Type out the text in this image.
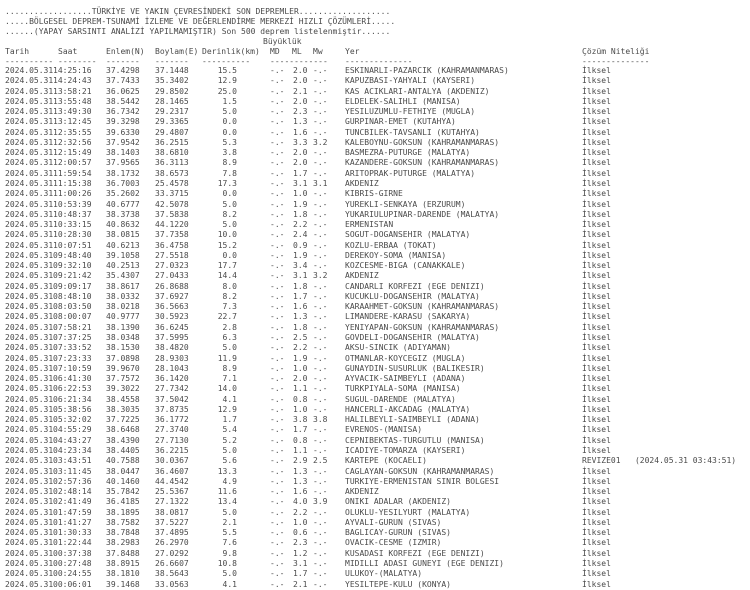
..................TÜRKİYE VE YAKIN ÇEVRESİNDEKİ SON DEPREMLER...................
.....BÖLGESEL DEPREM-TSUNAMİ İZLEME VE DEĞERLENDİRME MERKEZİ HIZLI ÇÖZÜMLERİ.....
......(YAPAY SARSINTI ANALİZİ YAPILMAMIŞTIR) Son 500 deprem listelenmiştir......
Büyüklük
Tarih	Saat	Enlem(N) Boylam(E) Derinlik(km) MD ML Mw	Yer	Çözüm Niteliği
---------- -------- ------- ------- ---------- ------------ --------------	--------------
2024.05.31 14:25:16 37.4298 37.1448	15.5	-.- 2.0 -.- ESKINARLI-PAZARCIK (KAHRAMANMARAS)	İlksel
2024.05.31 14:24:43 37.7433 35.3402	12.9	-.- 2.0 -.- KAPUZBASI-YAHYALI (KAYSERI)	İlksel
2024.05.31 13:58:21 36.0625 29.8502	25.0	-.- 2.1 -.- KAS ACIKLARI-ANTALYA (AKDENIZ)	İlksel
2024.05.31 13:55:48 38.5442 28.1465	1.5	-.- 2.0 -.- ELDELEK-SALIHLI (MANISA)	İlksel
2024.05.31 13:49:30 36.7342 29.2317	5.0	-.- 2.3 -.- YESILUZUMLU-FETHIYE (MUGLA)	İlksel
2024.05.31 13:12:45 39.3298 29.3365	0.0	-.- 1.3 -.- GURPINAR-EMET (KUTAHYA)	İlksel
2024.05.31 12:35:55 39.6330 29.4807	0.0	-.- 1.6 -.- TUNCBILEK-TAVSANLI (KUTAHYA)	İlksel
2024.05.31 12:32:56 37.9542 36.2515	5.3	-.- 3.3 3.2 KALEBOYNU-GOKSUN (KAHRAMANMARAS)	İlksel
2024.05.31 12:15:49 38.1403 38.6810	3.8	-.- 2.0 -.- BASMEZRA-PUTURGE (MALATYA)	İlksel
2024.05.31 12:00:57 37.9565 36.3113	8.9	-.- 2.0 -.- KAZANDERE-GOKSUN (KAHRAMANMARAS)	İlksel
2024.05.31 11:59:54 38.1732 38.6573	7.8	-.- 1.7 -.- ARITOPRAK-PUTURGE (MALATYA)	İlksel
2024.05.31 11:15:38 36.7003 25.4578	17.3	-.- 3.1 3.1 AKDENIZ	İlksel
2024.05.31 11:00:26 35.2602 33.3715	0.0	-.- 1.0 -.- KIBRIS-GIRNE	İlksel
2024.05.31 10:53:39 40.6777 42.5078	5.0	-.- 1.9 -.- YUREKLI-SENKAYA (ERZURUM)	İlksel
2024.05.31 10:48:37 38.3738 37.5838	8.2	-.- 1.8 -.- YUKARIULUPINAR-DARENDE (MALATYA)	İlksel
2024.05.31 10:33:15 40.8632 44.1220	5.0	-.- 2.2 -.- ERMENISTAN	İlksel
2024.05.31 10:28:30 38.0815 37.7358	10.0	-.- 2.4 -.- SOGUT-DOGANSEHIR (MALATYA)	İlksel
2024.05.31 10:07:51 40.6213 36.4758	15.2	-.- 0.9 -.- KOZLU-ERBAA (TOKAT)	İlksel
2024.05.31 09:48:40 39.1058 27.5518	0.0	-.- 1.9 -.- DEREKOY-SOMA (MANISA)	İlksel
2024.05.31 09:32:10 40.2513 27.0323	17.7	-.- 3.4 -.- KOZCESME-BIGA (CANAKKALE)	İlksel
2024.05.31 09:21:42 35.4307 27.0433	14.4	-.- 3.1 3.2 AKDENIZ	İlksel
2024.05.31 09:09:17 38.8617 26.8688	8.0	-.- 1.8 -.- CANDARLI KORFEZI (EGE DENIZI)	İlksel
2024.05.31 08:48:10 38.0332 37.6927	8.2	-.- 1.7 -.- KUCUKLU-DOGANSEHIR (MALATYA)	İlksel
2024.05.31 08:03:50 38.0218 36.5663	7.3	-.- 1.6 -.- KARAAHMET-GOKSUN (KAHRAMANMARAS)	İlksel
2024.05.31 08:00:07 40.9777 30.5923	22.7	-.- 1.3 -.- LIMANDERE-KARASU (SAKARYA)	İlksel
2024.05.31 07:58:21 38.1390 36.6245	2.8	-.- 1.8 -.- YENIYAPAN-GOKSUN (KAHRAMANMARAS)	İlksel
2024.05.31 07:37:25 38.0348 37.5995	6.3	-.- 2.5 -.- GOVDELI-DOGANSEHIR (MALATYA)	İlksel
2024.05.31 07:33:52 38.1530 38.4820	5.0	-.- 2.2 -.- AKSU-SINCIK (ADIYAMAN)	İlksel
2024.05.31 07:23:33 37.0898 28.9303	11.9	-.- 1.9 -.- OTMANLAR-KOYCEGIZ (MUGLA)	İlksel
2024.05.31 07:10:59 39.9670 28.1043	8.9	-.- 1.0 -.- GUNAYDIN-SUSURLUK (BALIKESIR)	İlksel
2024.05.31 06:41:30 37.7572 36.1420	7.1	-.- 2.0 -.- AYVACIK-SAIMBEYLI (ADANA)	İlksel
2024.05.31 06:22:53 39.3022 27.7342	14.0	-.- 1.1 -.- TURKPIYALA-SOMA (MANISA)	İlksel
2024.05.31 06:21:34 38.4558 37.5042	4.1	-.- 0.8 -.- SUGUL-DARENDE (MALATYA)	İlksel
2024.05.31 05:38:56 38.3035 37.8735	12.9	-.- 1.0 -.- HANCERLI-AKCADAG (MALATYA)	İlksel
2024.05.31 05:32:02 37.7225 36.1772	1.7	-.- 3.8 3.8 HALILBEYLI-SAIMBEYLI (ADANA)	İlksel
2024.05.31 04:55:29 38.6468 27.3740	5.4	-.- 1.7 -.- EVRENOS-(MANISA)	İlksel
2024.05.31 04:43:27 38.4390 27.7130	5.2	-.- 0.8 -.- CEPNIBEKTAS-TURGUTLU (MANISA)	İlksel
2024.05.31 04:23:34 38.4405 36.2215	5.0	-.- 1.1 -.- ICADIYE-TOMARZA (KAYSERI)	İlksel
2024.05.31 03:43:51 40.7588 30.0367	5.6	-.- 2.9 2.5 KARTEPE (KOCAELI)	REVIZE01   (2024.05.31 03:43:51)
2024.05.31 03:11:45 38.0447 36.4607	13.3	-.- 1.3 -.- CAGLAYAN-GOKSUN (KAHRAMANMARAS)	İlksel
2024.05.31 02:57:36 40.1460 44.4542	4.9	-.- 1.3 -.- TURKIYE-ERMENISTAN SINIR BOLGESI	İlksel
2024.05.31 02:48:14 35.7842 25.5367	11.6	-.- 1.6 -.- AKDENIZ	İlksel
2024.05.31 02:41:49 36.4185 27.1322	13.4	-.- 4.0 3.9 ONIKI ADALAR (AKDENIZ)	İlksel
2024.05.31 01:47:59 38.1895 38.0817	5.0	-.- 2.2 -.- OLUKLU-YESILYURT (MALATYA)	İlksel
2024.05.31 01:41:27 38.7582 37.5227	2.1	-.- 1.0 -.- AYVALI-GURUN (SIVAS)	İlksel
2024.05.31 01:30:33 38.7848 37.4895	5.5	-.- 0.6 -.- BAGLICAY-GURUN (SIVAS)	İlksel
2024.05.31 01:22:44 38.2983 26.2970	7.6	-.- 2.3 -.- OVACIK-CESME (IZMIR)	İlksel
2024.05.31 00:37:38 37.8488 27.0292	9.8	-.- 1.2 -.- KUSADASI KORFEZI (EGE DENIZI)	İlksel
2024.05.31 00:27:48 38.8915 26.6607	10.8	-.- 3.1 -.- MIDILLI ADASI GUNEYI (EGE DENIZI)	İlksel
2024.05.31 00:24:55 38.1810 38.5643	5.0	-.- 1.7 -.- ULUKOY-(MALATYA)	İlksel
2024.05.31 00:06:01 39.1468 33.0563	4.1	-.- 2.1 -.- YESILTEPE-KULU (KONYA)	İlksel
